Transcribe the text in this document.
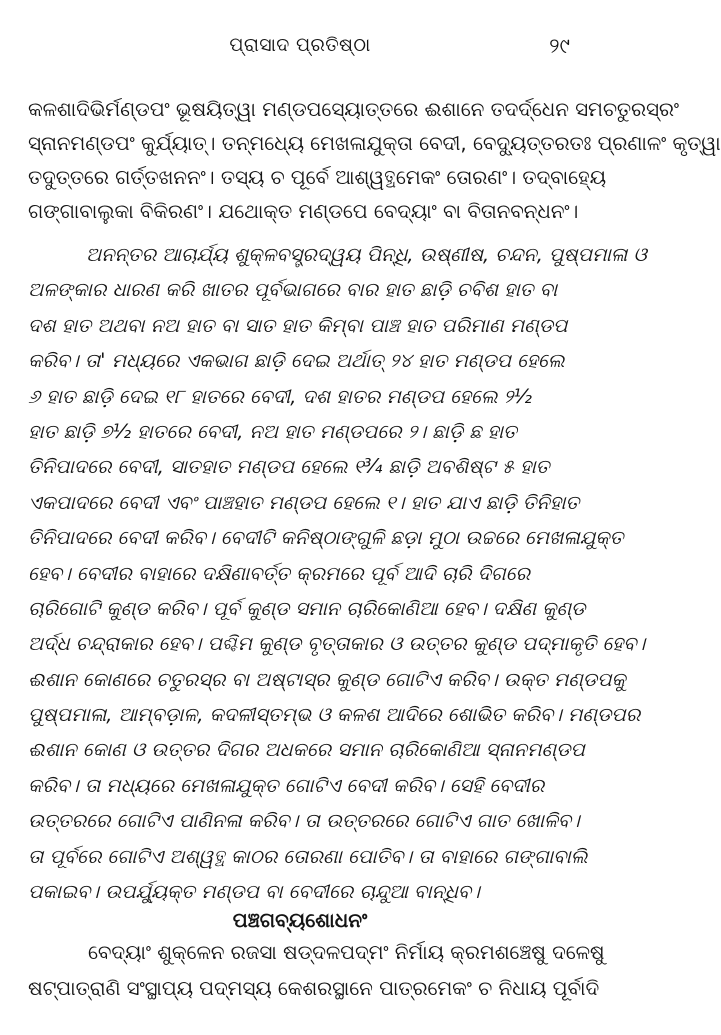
ପ୍ରାସାଦ ପ୍ରତିଷ୍ଠା	୨୯
କଳଶାଦିଭିର୍ମଣ୍ଡପଂ ଭୂଷୟିତ୍ୱା ମଣ୍ଡପସ୍ୟୋତ୍ତରେ ଈଶାନେ ତଦର୍ଦ୍ଧେନ ସମଚତୁରସ୍ରଂ
ସ୍ନାନମଣ୍ଡପଂ କୁର୍ଯ୍ୟାତ୍। ତନ୍ମଧ୍ୟେ ମେଖଳାଯୁକ୍ତା ବେଦୀ, ବେଦ୍ୟୁତ୍ତରତଃ ପ୍ରଣାଳଂ କୃତ୍ୱା
ତଦୁତ୍ତରେ ଗର୍ତ୍ତଖନନଂ। ତସ୍ୟ ଚ ପୂର୍ବେ ଆଶ୍ୱତ୍ଥମେକଂ ତୋରଣଂ। ତଦ୍‌ବାହ୍ୟେ
ଗଙ୍ଗାବାଲୁକା ବିକିରଣଂ। ଯଥୋକ୍ତ ମଣ୍ଡପେ ବେଦ୍ୟାଂ ବା ବିତାନବନ୍ଧନଂ।
ଅନନ୍ତର ଆଚାର୍ଯ୍ୟ ଶୁକ୍ଳବସ୍ତ୍ରଦ୍ୱୟ ପିନ୍ଧି, ଉଷ୍ଣୀଷ, ଚନ୍ଦନ, ପୁଷ୍ପମାଳା ଓ
ଅଳଙ୍କାର ଧାରଣ କରି ଖାତର ପୂର୍ବଭାଗରେ ବାର ହାତ ଛାଡ଼ି ଚବିଶ ହାତ ବା
ଦଶ ହାତ ଅଥବା ନଅ ହାତ ବା ସାତ ହାତ କିମ୍ବା ପାଞ୍ଚ ହାତ ପରିମାଣ ମଣ୍ଡପ
କରିବ। ତା' ମଧ୍ୟରେ ଏକଭାଗ ଛାଡ଼ି ଦେଇ ଅର୍ଥାତ୍ ୨୪ ହାତ ମଣ୍ଡପ ହେଲେ
୬ ହାତ ଛାଡ଼ି ଦେଇ ୧୮ ହାତରେ ବେଦୀ, ଦଶ ହାତର ମଣ୍ଡପ ହେଲେ ୨½
ହାତ ଛାଡ଼ି ୭½ ହାତରେ ବେଦୀ, ନଅ ହାତ ମଣ୍ଡପରେ ୨। ଛାଡ଼ି ଛ ହାତ
ତିନିପାଦରେ ବେଦୀ, ସାତହାତ ମଣ୍ଡପ ହେଲେ ୧¾ ଛାଡ଼ି ଅବଶିଷ୍ଟ ୫ ହାତ
ଏକପାଦରେ ବେଦୀ ଏବଂ ପାଞ୍ଚହାତ ମଣ୍ଡପ ହେଲେ ୧। ହାତ ଯାଏ ଛାଡ଼ି ତିନିହାତ
ତିନିପାଦରେ ବେଦୀ କରିବ। ବେଦୀଟି କନିଷ୍ଠାଙ୍ଗୁଳି ଛଡ଼ା ମୁଠା ଉଚ୍ଚରେ ମେଖଳାଯୁକ୍ତ
ହେବ। ବେଦୀର ବାହାରେ ଦକ୍ଷିଣାବର୍ତ୍ତ କ୍ରମରେ ପୂର୍ବ ଆଦି ଚାରି ଦିଗରେ
ଚାରିଗୋଟି କୁଣ୍ଡ କରିବ। ପୂର୍ବ କୁଣ୍ଡ ସମାନ ଚାରିକୋଣିଆ ହେବ। ଦକ୍ଷିଣ କୁଣ୍ଡ
ଅର୍ଦ୍ଧ ଚନ୍ଦ୍ରାକାର ହେବ। ପଶ୍ଚିମ କୁଣ୍ଡ ବୃତ୍ତାକାର ଓ ଉତ୍ତର କୁଣ୍ଡ ପଦ୍ମାକୃତି ହେବ।
ଈଶାନ କୋଣରେ ଚତୁରସ୍ର ବା ଅଷ୍ଟାସ୍ର କୁଣ୍ଡ ଗୋଟିଏ କରିବ। ଉକ୍ତ ମଣ୍ଡପକୁ
ପୁଷ୍ପମାଳା, ଆମ୍ବଡ଼ାଳ, କଦଳୀସ୍ତମ୍ଭ ଓ କଳଶ ଆଦିରେ ଶୋଭିତ କରିବ। ମଣ୍ଡପର
ଈଶାନ କୋଣ ଓ ଉତ୍ତର ଦିଗର ଅଧକରେ ସମାନ ଚାରିକୋଣିଆ ସ୍ନାନମଣ୍ଡପ
କରିବ। ତା ମଧ୍ୟରେ ମେଖଳାଯୁକ୍ତ ଗୋଟିଏ ବେଦୀ କରିବ। ସେହି ବେଦୀର
ଉତ୍ତରରେ ଗୋଟିଏ ପାଣିନଳା କରିବ। ତା ଉତ୍ତରରେ ଗୋଟିଏ ଗାତ ଖୋଳିବ।
ତା ପୂର୍ବରେ ଗୋଟିଏ ଅଶ୍ୱତ୍ଥ କାଠର ତୋରଣା ପୋତିବ। ତା ବାହାରେ ଗଙ୍ଗାବାଲି
ପକାଇବ। ଉପର୍ଯ୍ୟୁକ୍ତ ମଣ୍ଡପ ବା ବେଦୀରେ ଚାନ୍ଦୁଆ ବାନ୍ଧିବ।
ପଞ୍ଚଗବ୍ୟଶୋଧନଂ
ବେଦ୍ୟାଂ ଶୁକ୍ଳେନ ରଜସା ଷଡ୍‌ଦଳପଦ୍ମଂ ନିର୍ମାୟ କ୍ରମଶଞ୍ଚେଷୁ ଦଳେଷୁ
ଷଟ୍‌ପାତ୍ରାଣି ସଂସ୍ଥାପ୍ୟ ପଦ୍ମସ୍ୟ କେଶରସ୍ଥାନେ ପାତ୍ରମେକଂ ଚ ନିଧାୟ ପୂର୍ବାଦି
